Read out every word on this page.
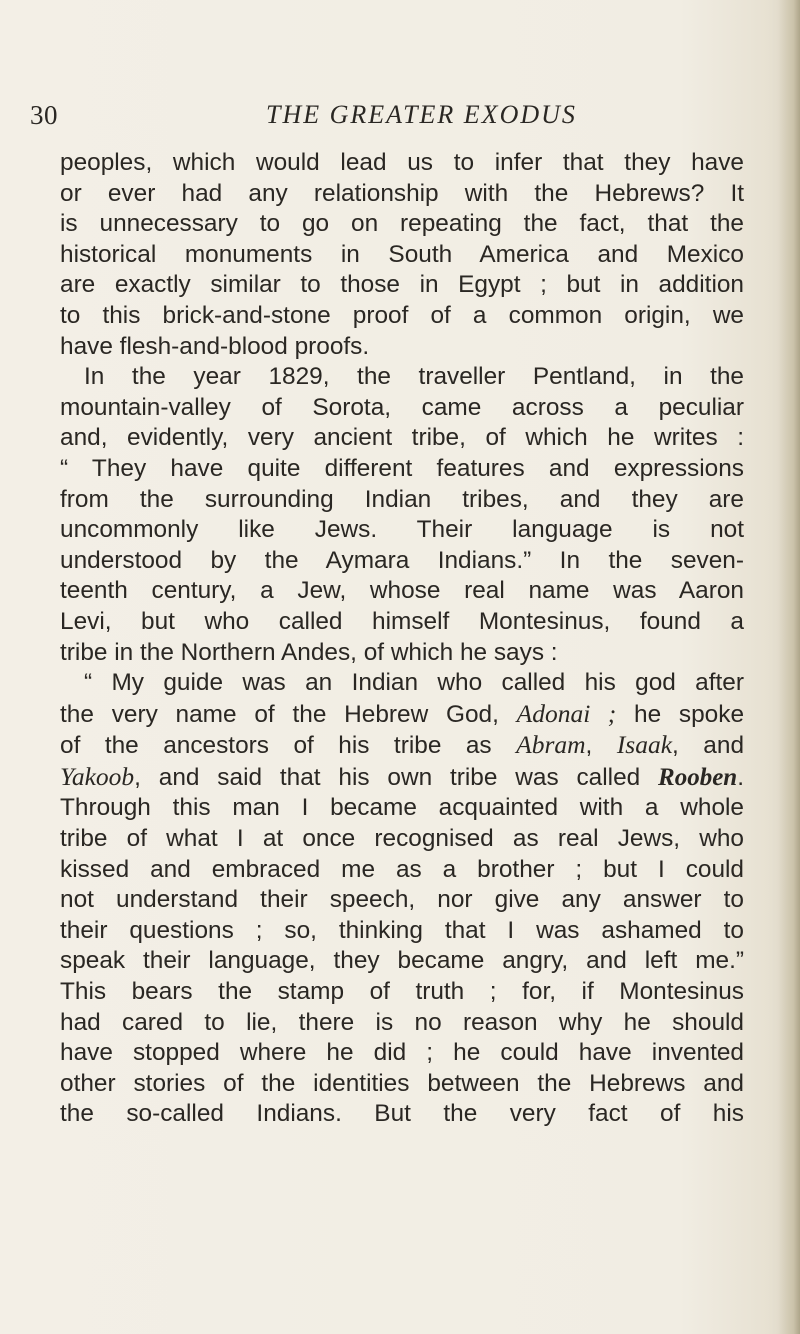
30	THE GREATER EXODUS
peoples, which would lead us to infer that they have
or ever had any relationship with the Hebrews? It
is unnecessary to go on repeating the fact, that the
historical monuments in South America and Mexico
are exactly similar to those in Egypt ; but in addition
to this brick-and-stone proof of a common origin, we
have flesh-and-blood proofs.
In the year 1829, the traveller Pentland, in the
mountain-valley of Sorota, came across a peculiar
and, evidently, very ancient tribe, of which he writes :
“ They have quite different features and expressions
from the surrounding Indian tribes, and they are
uncommonly like Jews. Their language is not
understood by the Aymara Indians.” In the seven-
teenth century, a Jew, whose real name was Aaron
Levi, but who called himself Montesinus, found a
tribe in the Northern Andes, of which he says :
“ My guide was an Indian who called his god after
the very name of the Hebrew God, Adonai ; he spoke
of the ancestors of his tribe as Abram, Isaak, and
Yakoob, and said that his own tribe was called Rooben.
Through this man I became acquainted with a whole
tribe of what I at once recognised as real Jews, who
kissed and embraced me as a brother ; but I could
not understand their speech, nor give any answer to
their questions ; so, thinking that I was ashamed to
speak their language, they became angry, and left me.”
This bears the stamp of truth ; for, if Montesinus
had cared to lie, there is no reason why he should
have stopped where he did ; he could have invented
other stories of the identities between the Hebrews and
the so-called Indians. But the very fact of his
